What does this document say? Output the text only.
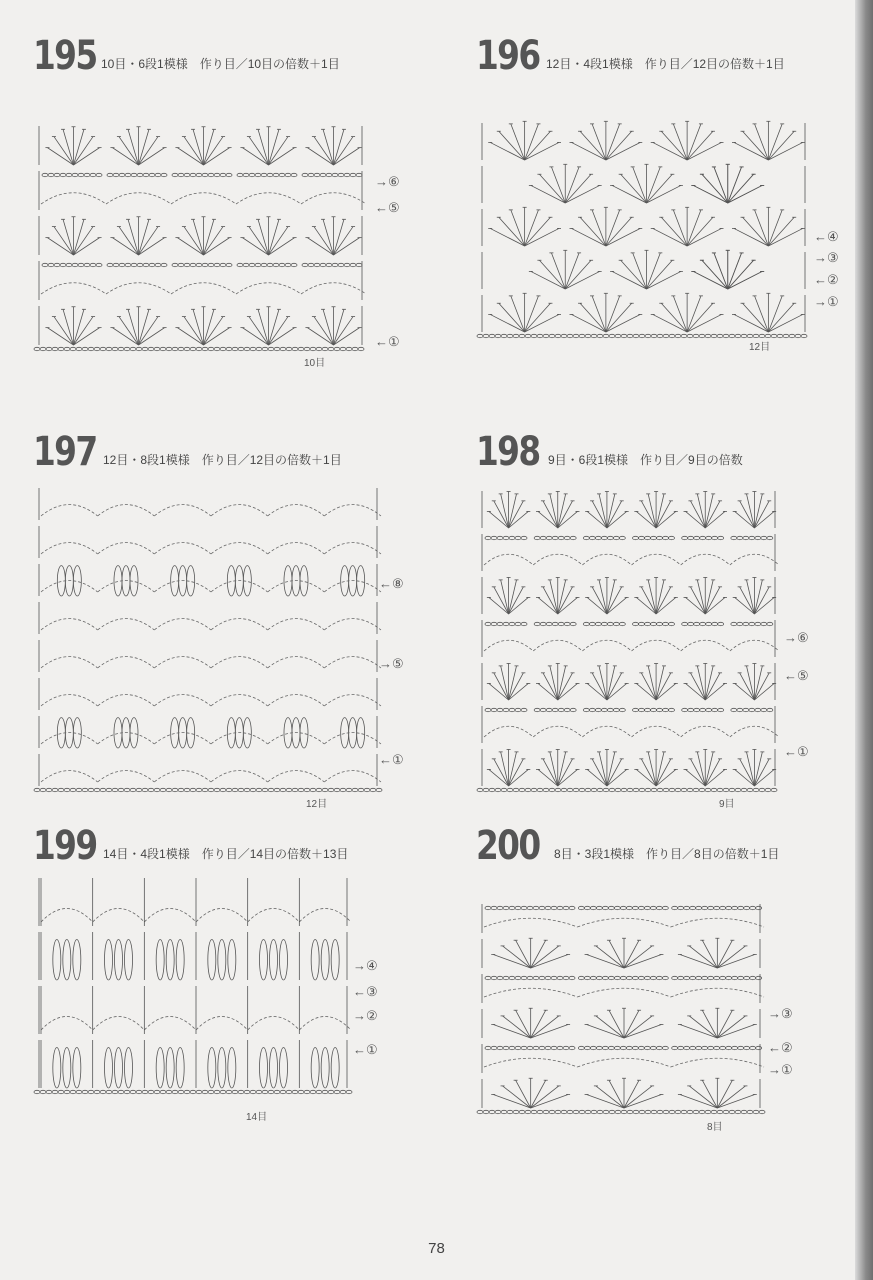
195 10目・6段1模様　作り目／10目の倍数＋1目
→⑥
←⑤
←①
10目
196 12目・4段1模様　作り目／12目の倍数＋1目
←④
→③
←②
→①
12目
197 12目・8段1模様　作り目／12目の倍数＋1目
←⑧
→⑤
←①
12目
198 9目・6段1模様　作り目／9目の倍数
→⑥
←⑤
←①
9目
199 14目・4段1模様　作り目／14目の倍数＋13目
→④
←③
→②
←①
14目
200 8目・3段1模様　作り目／8目の倍数＋1目
→③
←②
→①
8目
78
